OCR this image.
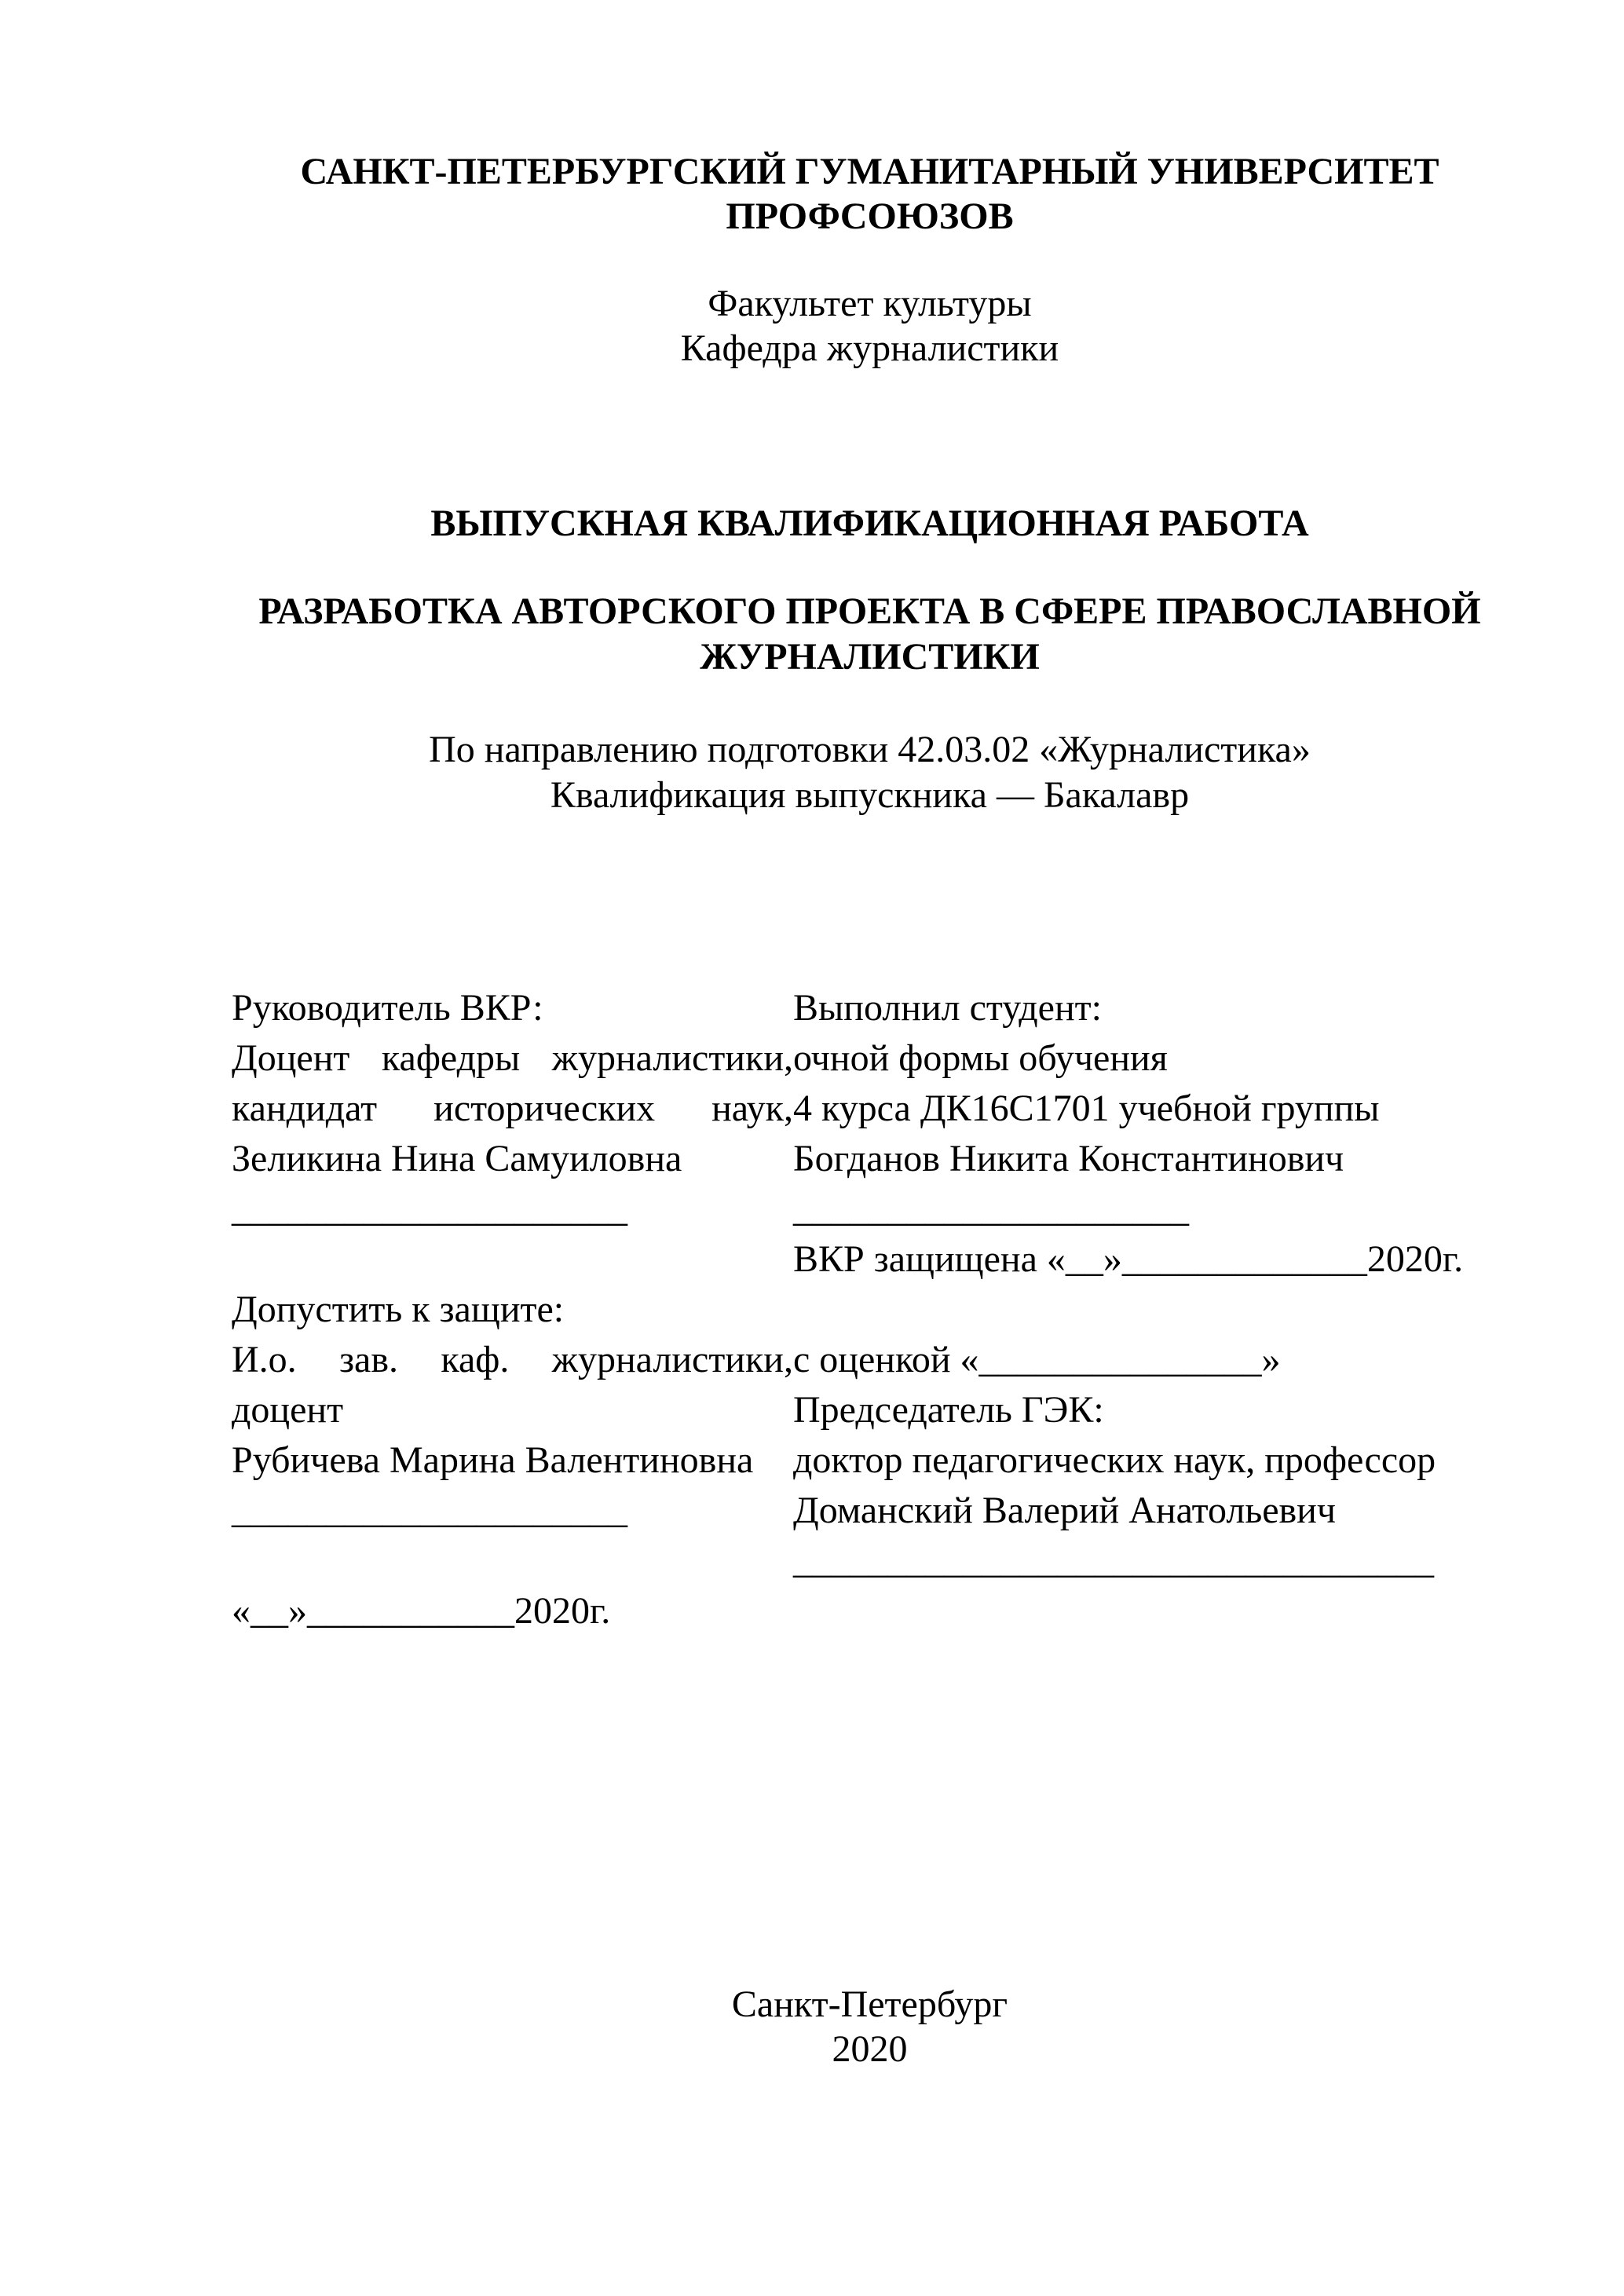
САНКТ-ПЕТЕРБУРГСКИЙ ГУМАНИТАРНЫЙ УНИВЕРСИТЕТ
ПРОФСОЮЗОВ
Факультет культуры
Кафедра журналистики
ВЫПУСКНАЯ КВАЛИФИКАЦИОННАЯ РАБОТА
РАЗРАБОТКА АВТОРСКОГО ПРОЕКТА В СФЕРЕ ПРАВОСЛАВНОЙ
ЖУРНАЛИСТИКИ
По направлению подготовки 42.03.02 «Журналистика»
Квалификация выпускника — Бакалавр
Руководитель ВКР:
Доцент кафедры журналистики,
кандидат исторических наук,
Зеликина Нина Самуиловна
_____________________
Допустить к защите:
И.о. зав. каф. журналистики,
доцент
Рубичева Марина Валентиновна
_____________________
«__»___________2020г.
Выполнил студент:
очной формы обучения
4 курса ДК16С1701 учебной группы
Богданов Никита Константинович
_____________________
ВКР защищена «__»_____________2020г.
с оценкой «_______________»
Председатель ГЭК:
доктор педагогических наук, профессор
Доманский Валерий Анатольевич
__________________________________
Санкт-Петербург
2020
